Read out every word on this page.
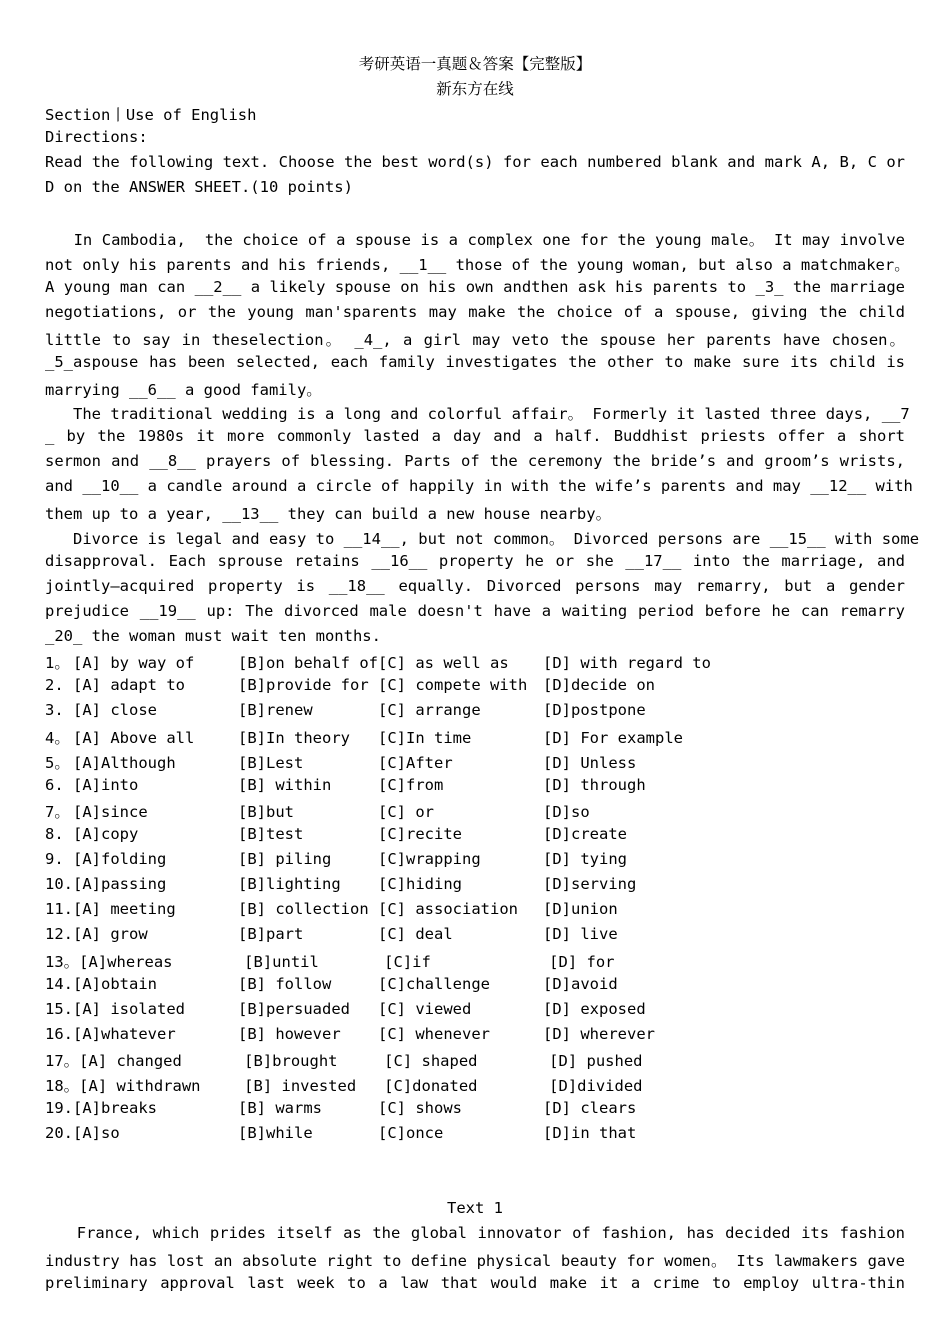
考研英语一真题＆答案【完整版】
新东方在线
Section丨Use of English
Directions:
Read the following text. Choose the best word(s) for each numbered blank and mark A, B, C or
D on the ANSWER SHEET.(10 points)
In Cambodia,  the choice of a spouse is a complex one for the young male。 It may involve
not only his parents and his friends, __1__ those of the young woman, but also a matchmaker。
A young man can __2__ a likely spouse on his own andthen ask his parents to _3_ the marriage
negotiations, or the young man'sparents may make the choice of a spouse, giving the child
little to say in theselection。 _4_, a girl may veto the spouse her parents have chosen。
_5_aspouse has been selected, each family investigates the other to make sure its child is
marrying __6__ a good family。
The traditional wedding is a long and colorful affair。 Formerly it lasted three days, __7
_ by the 1980s it more commonly lasted a day and a half. Buddhist priests offer a short
sermon and __8__ prayers of blessing. Parts of the ceremony the bride’s and groom’s wrists,
and __10__ a candle around a circle of happily in with the wife’s parents and may __12__ with
them up to a year, __13__ they can build a new house nearby。
Divorce is legal and easy to __14__, but not common。 Divorced persons are __15__ with some
disapproval. Each sprouse retains __16__ property he or she __17__ into the marriage, and
jointly—acquired property is __18__ equally. Divorced persons may remarry, but a gender
prejudice __19__ up: The divorced male doesn't have a waiting period before he can remarry
_20_ the woman must wait ten months.
1。 [A] by way of	[B]on behalf of[C] as well as [D] with regard to
2. [A] adapt to	[B]provide for [C] compete with [D]decide on
3. [A] close	[B]renew	[C] arrange	[D]postpone
4。 [A] Above all	[B]In theory [C]In time	[D] For example
5。 [A]Although	[B]Lest	[C]After	[D] Unless
6. [A]into	[B] within	[C]from	[D] through
7。 [A]since	[B]but	[C] or	[D]so
8. [A]copy	[B]test	[C]recite	[D]create
9. [A]folding	[B] piling	[C]wrapping	[D] tying
10.[A]passing	[B]lighting [C]hiding	[D]serving
11.[A] meeting	[B] collection [C] association [D]union
12.[A] grow	[B]part	[C] deal	[D] live
13。[A]whereas	[B]until	[C]if	[D] for
14.[A]obtain	[B] follow	[C]challenge	[D]avoid
15.[A] isolated	[B]persuaded [C] viewed	[D] exposed
16.[A]whatever	[B] however [C] whenever	[D] wherever
17。[A] changed	[B]brought	[C] shaped	[D] pushed
18。[A] withdrawn	[B] invested [C]donated	[D]divided
19.[A]breaks	[B] warms	[C] shows	[D] clears
20.[A]so	[B]while	[C]once	[D]in that
Text 1
France, which prides itself as the global innovator of fashion, has decided its fashion
industry has lost an absolute right to define physical beauty for women。 Its lawmakers gave
preliminary approval last week to a law that would make it a crime to employ ultra-thin
